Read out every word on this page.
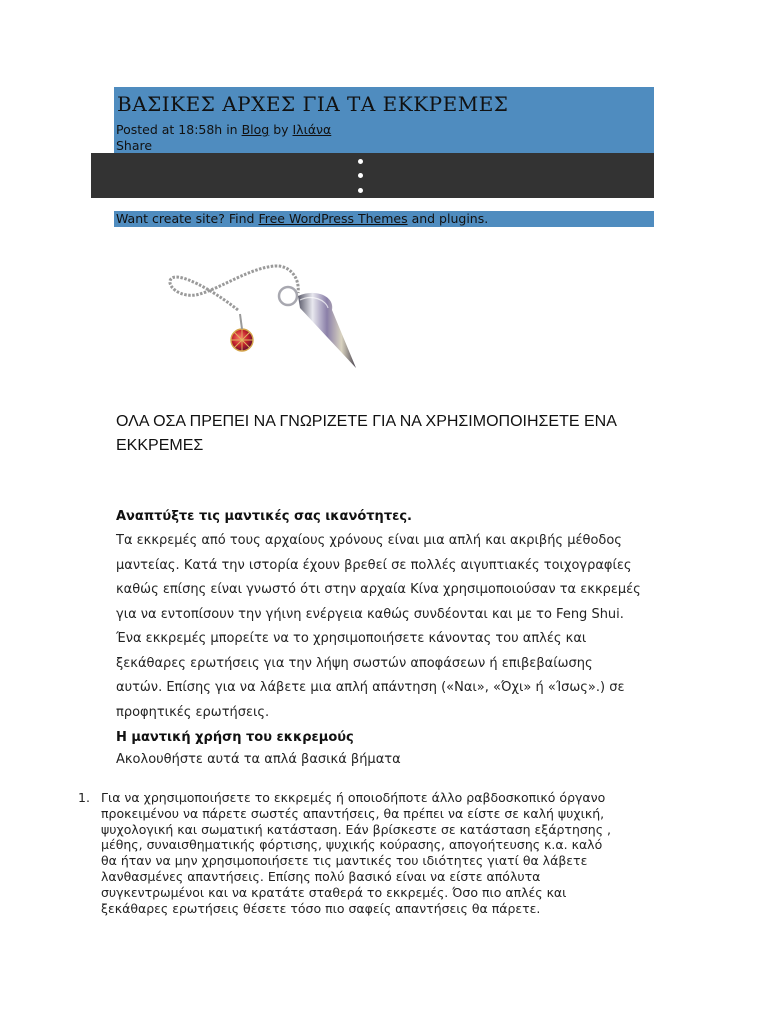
ΒΑΣΙΚΕΣ ΑΡΧΕΣ ΓΙΑ ΤΑ ΕΚΚΡΕΜΕΣ
Posted at 18:58h in Blog by Ιλιάνα
Share
Want create site? Find Free WordPress Themes and plugins.
ΟΛΑ ΟΣΑ ΠΡΕΠΕΙ ΝΑ ΓΝΩΡΙΖΕΤΕ ΓΙΑ ΝΑ ΧΡΗΣΙΜΟΠΟΙΗΣΕΤΕ ΕΝΑ ΕΚΚΡΕΜΕΣ
Αναπτύξτε τις μαντικές σας ικανότητες.
Τα εκκρεμές από τους αρχαίους χρόνους είναι μια απλή και ακριβής μέθοδος
μαντείας. Κατά την ιστορία έχουν βρεθεί σε πολλές αιγυπτιακές τοιχογραφίες
καθώς επίσης είναι γνωστό ότι στην αρχαία Κίνα χρησιμοποιούσαν τα εκκρεμές
για να εντοπίσουν την γήινη ενέργεια καθώς συνδέονται και με το Feng Shui.
Ένα εκκρεμές μπορείτε να το χρησιμοποιήσετε κάνοντας του απλές και
ξεκάθαρες ερωτήσεις για την λήψη σωστών αποφάσεων ή επιβεβαίωσης
αυτών. Επίσης για να λάβετε μια απλή απάντηση («Ναι», «Όχι» ή «Ίσως».) σε
προφητικές ερωτήσεις.
Η μαντική χρήση του εκκρεμούς
Ακολουθήστε αυτά τα απλά βασικά βήματα
1. Για να χρησιμοποιήσετε το εκκρεμές ή οποιοδήποτε άλλο ραβδοσκοπικό όργανο
προκειμένου να πάρετε σωστές απαντήσεις, θα πρέπει να είστε σε καλή ψυχική,
ψυχολογική και σωματική κατάσταση. Εάν βρίσκεστε σε κατάσταση εξάρτησης ,
μέθης, συναισθηματικής φόρτισης, ψυχικής κούρασης, απογοήτευσης κ.α. καλό
θα ήταν να μην χρησιμοποιήσετε τις μαντικές του ιδιότητες γιατί θα λάβετε
λανθασμένες απαντήσεις. Επίσης πολύ βασικό είναι να είστε απόλυτα
συγκεντρωμένοι και να κρατάτε σταθερά το εκκρεμές. Όσο πιο απλές και
ξεκάθαρες ερωτήσεις θέσετε τόσο πιο σαφείς απαντήσεις θα πάρετε.
